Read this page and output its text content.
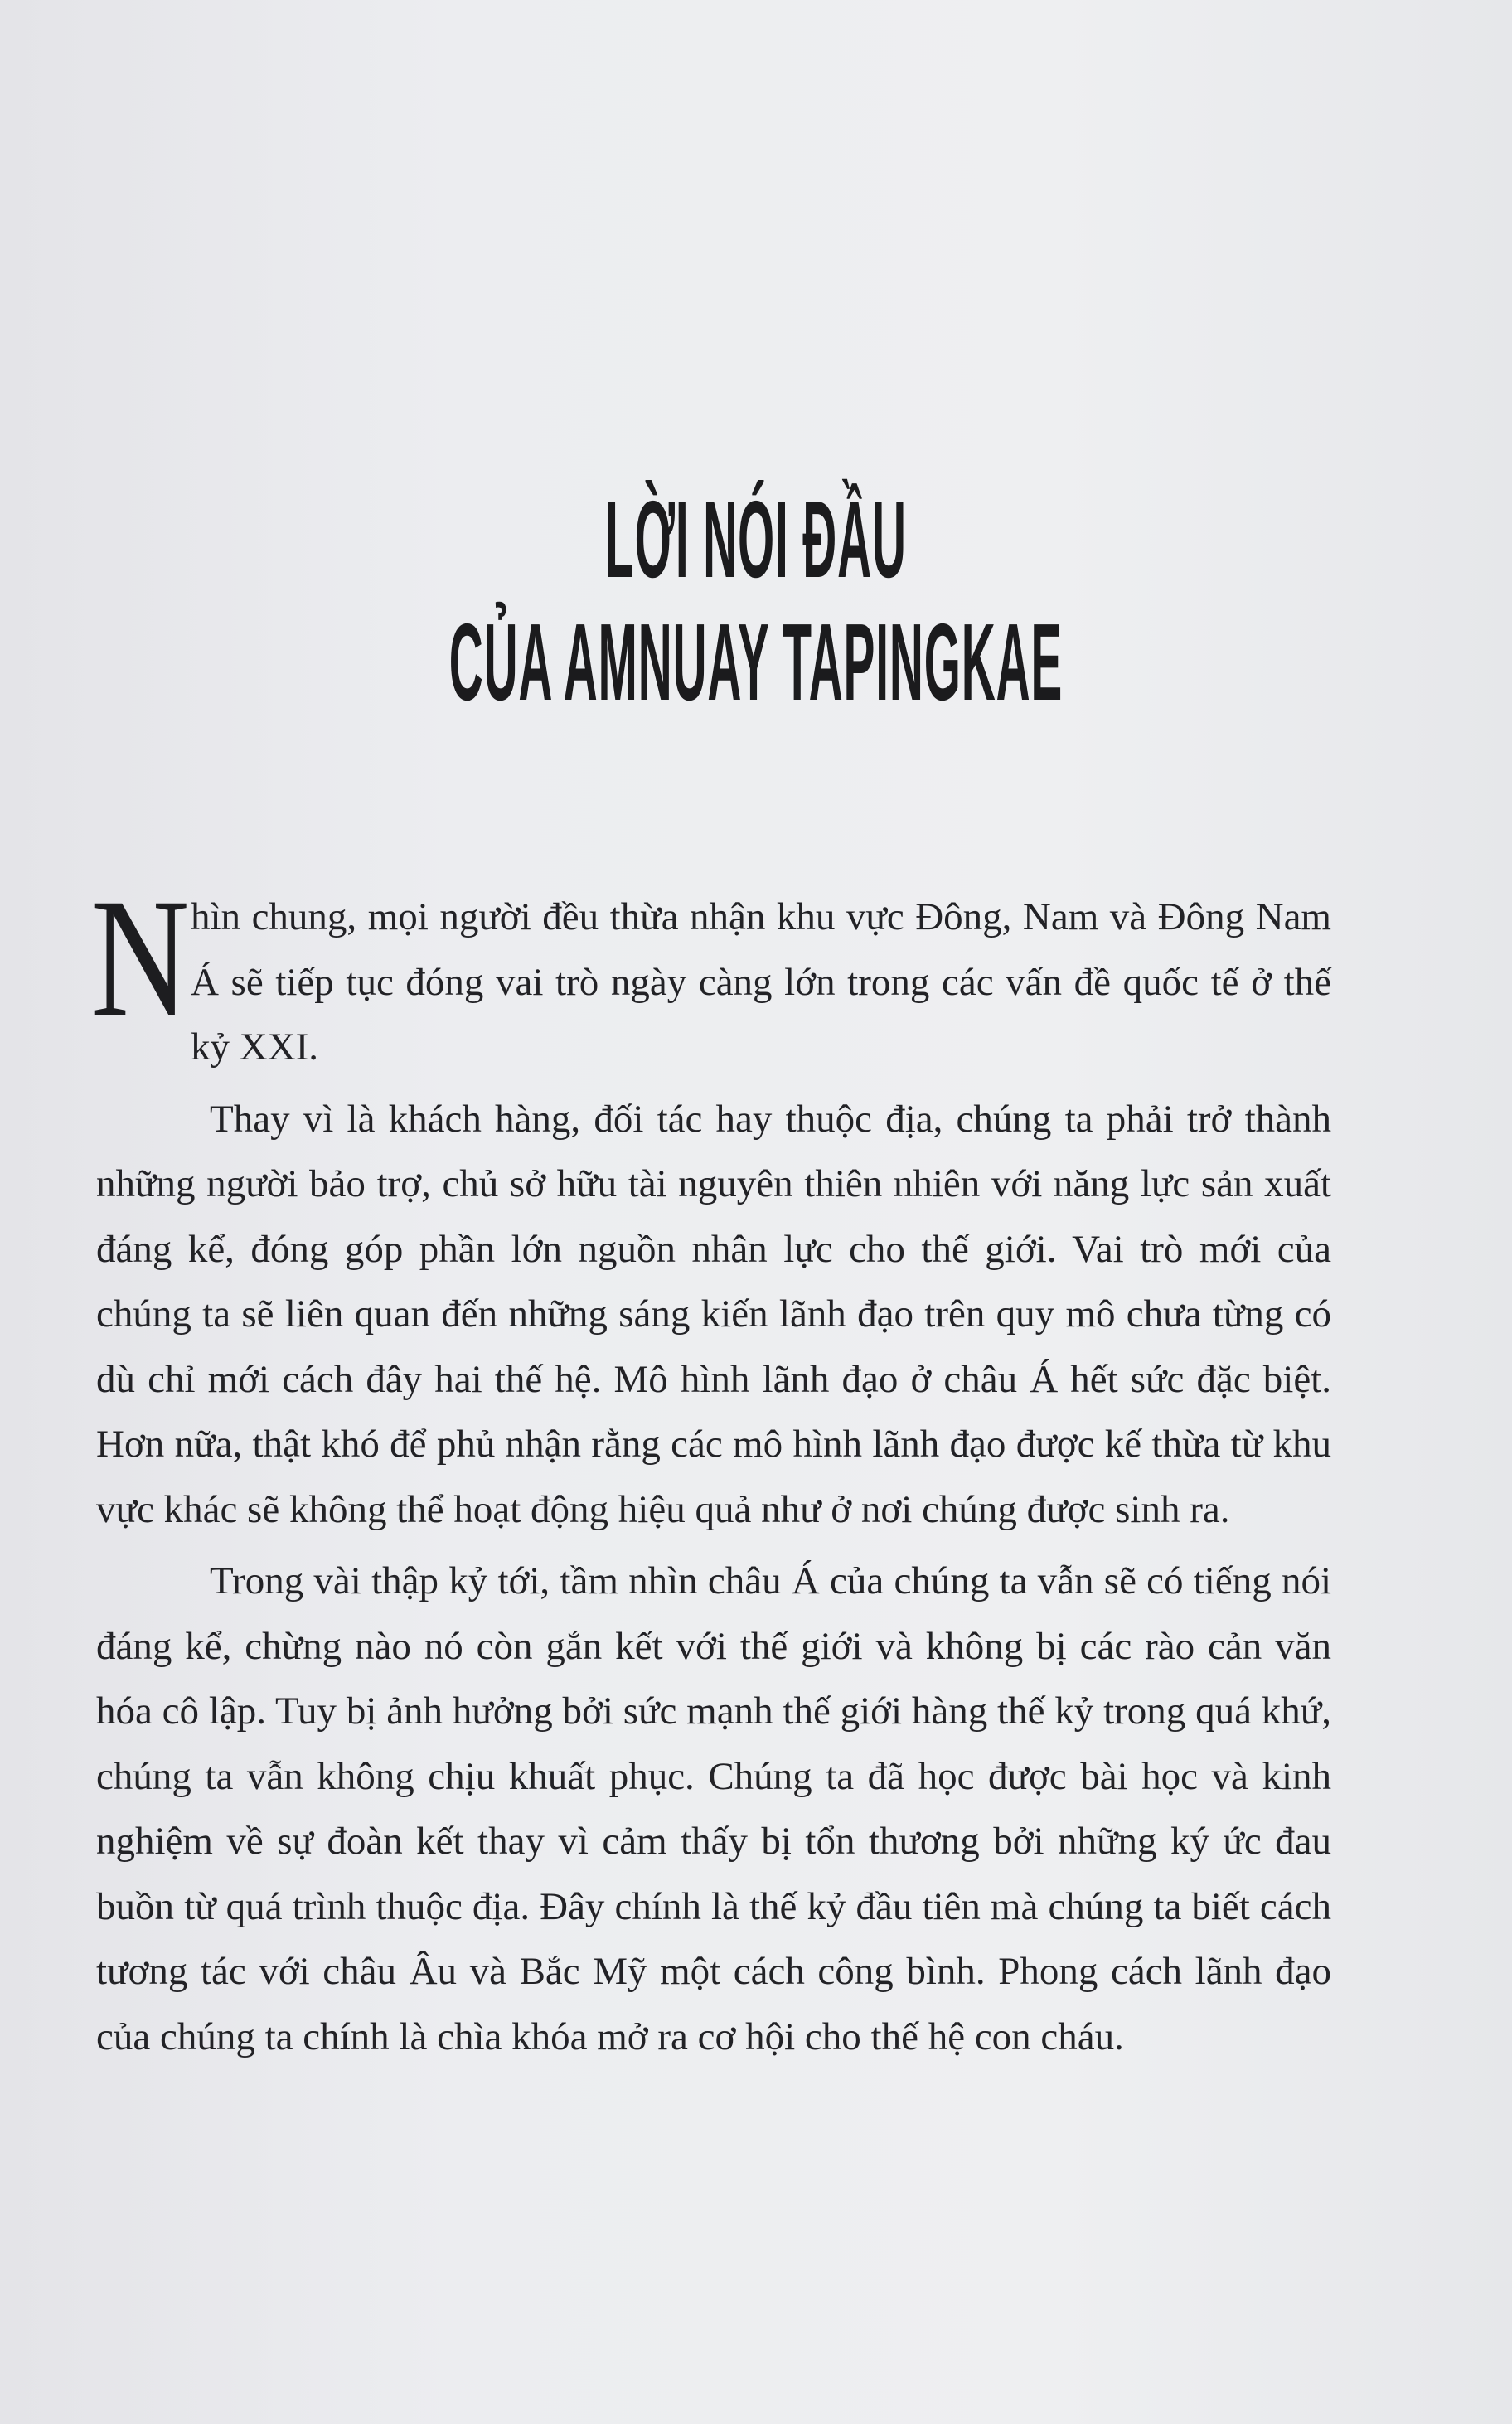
LỜI NÓI ĐẦU
CỦA AMNUAY TAPINGKAE

Nhìn chung, mọi người đều thừa nhận khu vực Đông, Nam và Đông Nam Á sẽ tiếp tục đóng vai trò ngày càng lớn trong các vấn đề quốc tế ở thế kỷ XXI.

Thay vì là khách hàng, đối tác hay thuộc địa, chúng ta phải trở thành những người bảo trợ, chủ sở hữu tài nguyên thiên nhiên với năng lực sản xuất đáng kể, đóng góp phần lớn nguồn nhân lực cho thế giới. Vai trò mới của chúng ta sẽ liên quan đến những sáng kiến lãnh đạo trên quy mô chưa từng có dù chỉ mới cách đây hai thế hệ. Mô hình lãnh đạo ở châu Á hết sức đặc biệt. Hơn nữa, thật khó để phủ nhận rằng các mô hình lãnh đạo được kế thừa từ khu vực khác sẽ không thể hoạt động hiệu quả như ở nơi chúng được sinh ra.

Trong vài thập kỷ tới, tầm nhìn châu Á của chúng ta vẫn sẽ có tiếng nói đáng kể, chừng nào nó còn gắn kết với thế giới và không bị các rào cản văn hóa cô lập. Tuy bị ảnh hưởng bởi sức mạnh thế giới hàng thế kỷ trong quá khứ, chúng ta vẫn không chịu khuất phục. Chúng ta đã học được bài học và kinh nghiệm về sự đoàn kết thay vì cảm thấy bị tổn thương bởi những ký ức đau buồn từ quá trình thuộc địa. Đây chính là thế kỷ đầu tiên mà chúng ta biết cách tương tác với châu Âu và Bắc Mỹ một cách công bình. Phong cách lãnh đạo của chúng ta chính là chìa khóa mở ra cơ hội cho thế hệ con cháu.
